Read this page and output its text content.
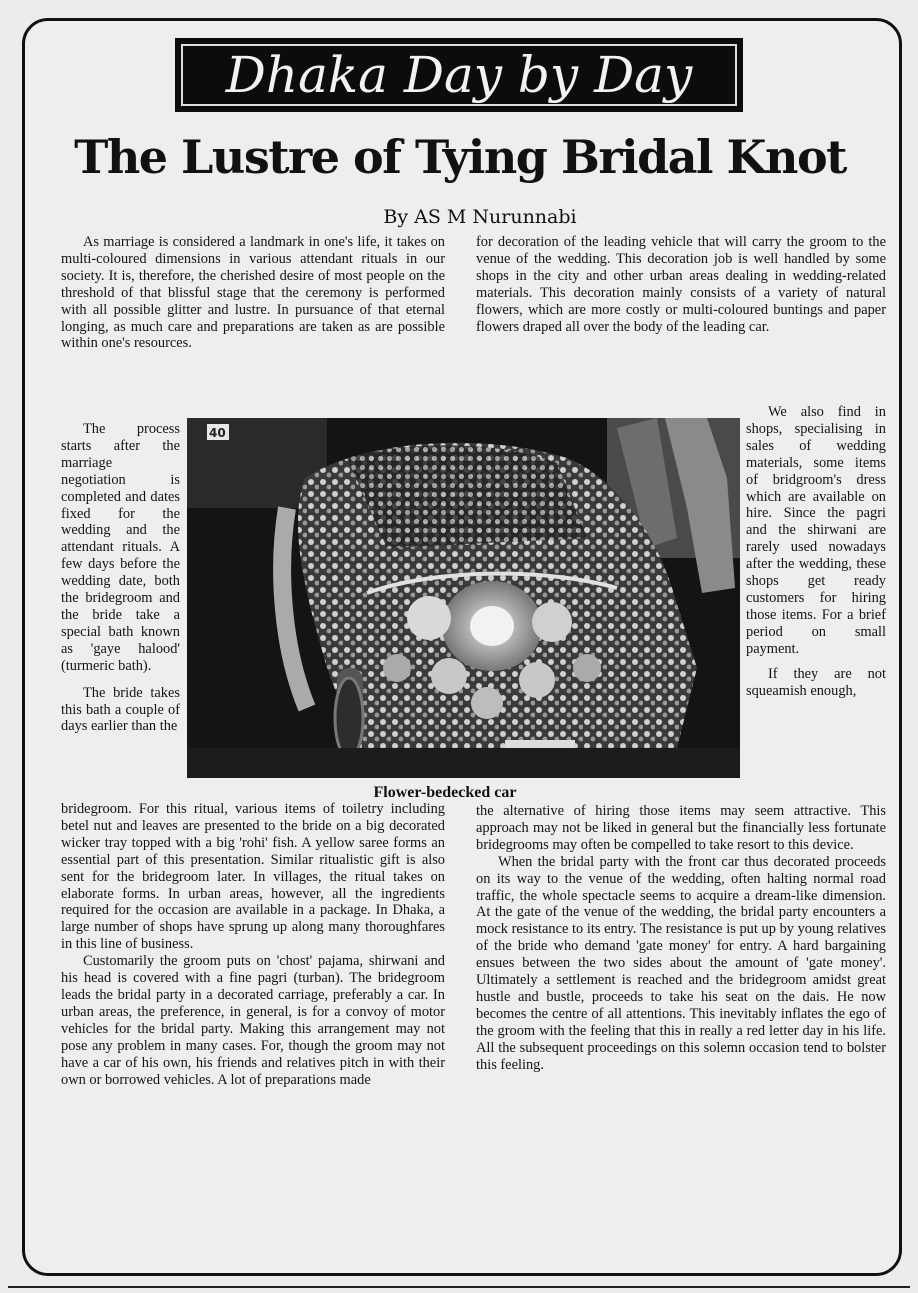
Dhaka Day by Day
The Lustre of Tying Bridal Knot
By AS M Nurunnabi

As marriage is considered a landmark in one's life, it takes on multi-coloured dimensions in various attendant rituals in our society. It is, therefore, the cherished desire of most people on the threshold of that blissful stage that the ceremony is performed with all possible glitter and lustre. In pursuance of that eternal longing, as much care and preparations are taken as are possible within one's resources.

The process starts after the marriage negotiation is completed and dates fixed for the wedding and the attendant rituals. A few days before the wedding date, both the bridegroom and the bride take a special bath known as 'gaye halood' (turmeric bath).

The bride takes this bath a couple of days earlier than the

bridegroom. For this ritual, various items of toiletry including betel nut and leaves are presented to the bride on a big decorated wicker tray topped with a big 'rohi' fish. A yellow saree forms an essential part of this presentation. Similar ritualistic gift is also sent for the bridegroom later. In villages, the ritual takes on elaborate forms. In urban areas, however, all the ingredients required for the occasion are available in a package. In Dhaka, a large number of shops have sprung up along many thoroughfares in this line of business.

Customarily the groom puts on 'chost' pajama, shirwani and his head is covered with a fine pagri (turban). The bridegroom leads the bridal party in a decorated carriage, preferably a car. In urban areas, the preference, in general, is for a convoy of motor vehicles for the bridal party. Making this arrangement may not pose any problem in many cases. For, though the groom may not have a car of his own, his friends and relatives pitch in with their own or borrowed vehicles. A lot of preparations made

for decoration of the leading vehicle that will carry the groom to the venue of the wedding. This decoration job is well handled by some shops in the city and other urban areas dealing in wedding-related materials. This decoration mainly consists of a variety of natural flowers, which are more costly or multi-coloured buntings and paper flowers draped all over the body of the leading car.

We also find in shops, specialising in sales of wedding materials, some items of bridgroom's dress which are available on hire. Since the pagri and the shirwani are rarely used nowadays after the wedding, these shops get ready customers for hiring those items. For a brief period on small payment.

If they are not squeamish enough,

the alternative of hiring those items may seem attractive. This approach may not be liked in general but the financially less fortunate bridegrooms may often be compelled to take resort to this device.

When the bridal party with the front car thus decorated proceeds on its way to the venue of the wedding, often halting normal road traffic, the whole spectacle seems to acquire a dream-like dimension. At the gate of the venue of the wedding, the bridal party encounters a mock resistance to its entry. The resistance is put up by young relatives of the bride who demand 'gate money' for entry. A hard bargaining ensues between the two sides about the amount of 'gate money'. Ultimately a settlement is reached and the bridegroom amidst great hustle and bustle, proceeds to take his seat on the dais. He now becomes the centre of all attentions. This inevitably inflates the ego of the groom with the feeling that this in really a red letter day in his life. All the subsequent proceedings on this solemn occasion tend to bolster this feeling.

40
Flower-bedecked car
